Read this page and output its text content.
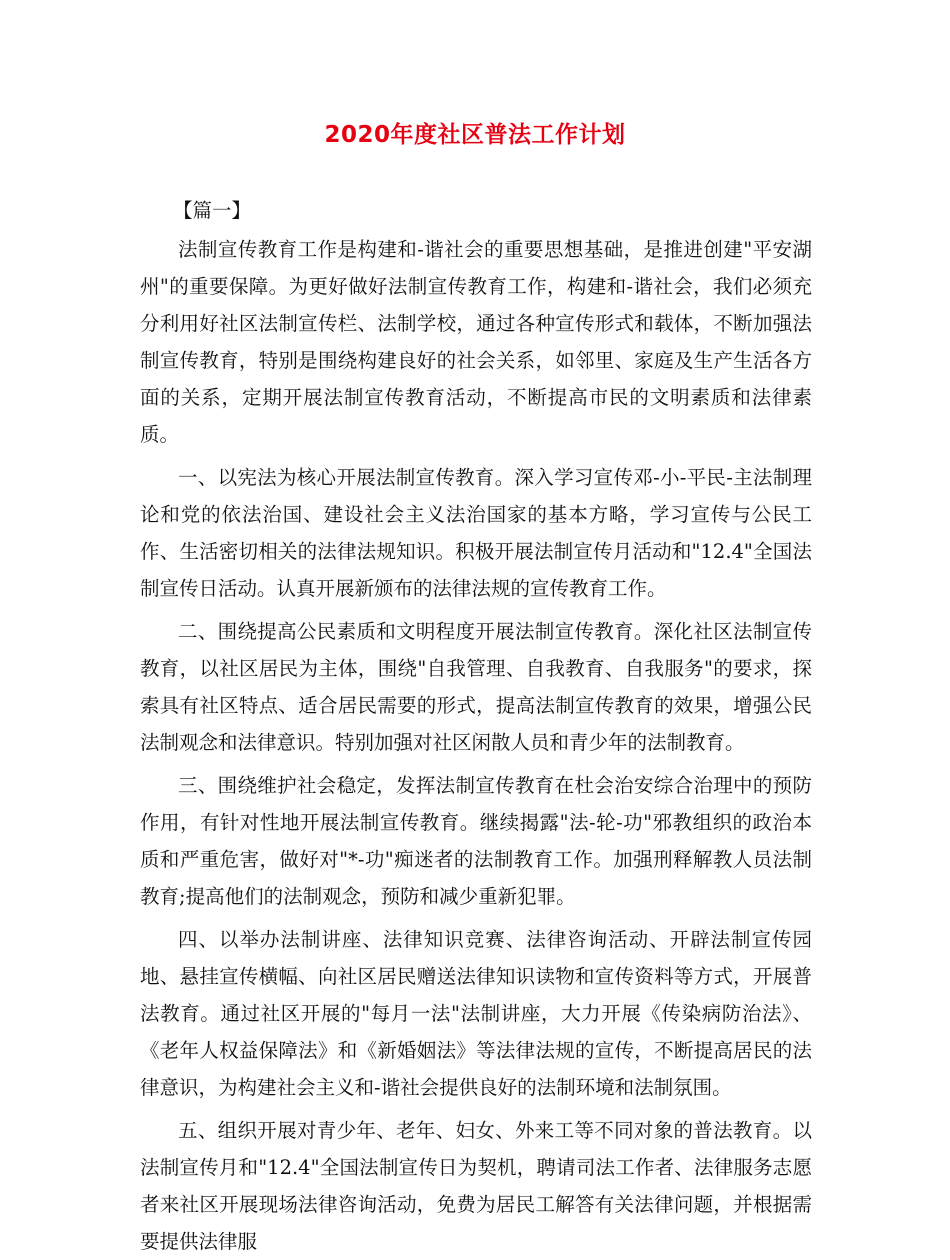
2020年度社区普法工作计划

【篇一】

法制宣传教育工作是构建和-谐社会的重要思想基础，是推进创建"平安湖州"的重要保障。为更好做好法制宣传教育工作，构建和-谐社会，我们必须充分利用好社区法制宣传栏、法制学校，通过各种宣传形式和载体，不断加强法制宣传教育，特别是围绕构建良好的社会关系，如邻里、家庭及生产生活各方面的关系，定期开展法制宣传教育活动，不断提高市民的文明素质和法律素质。

一、以宪法为核心开展法制宣传教育。深入学习宣传邓-小-平民-主法制理论和党的依法治国、建设社会主义法治国家的基本方略，学习宣传与公民工作、生活密切相关的法律法规知识。积极开展法制宣传月活动和"12.4"全国法制宣传日活动。认真开展新颁布的法律法规的宣传教育工作。

二、围绕提高公民素质和文明程度开展法制宣传教育。深化社区法制宣传教育，以社区居民为主体，围绕"自我管理、自我教育、自我服务"的要求，探索具有社区特点、适合居民需要的形式，提高法制宣传教育的效果，增强公民法制观念和法律意识。特别加强对社区闲散人员和青少年的法制教育。

三、围绕维护社会稳定，发挥法制宣传教育在杜会治安综合治理中的预防作用，有针对性地开展法制宣传教育。继续揭露"法-轮-功"邪教组织的政治本质和严重危害，做好对"*-功"痴迷者的法制教育工作。加强刑释解教人员法制教育;提高他们的法制观念，预防和减少重新犯罪。

四、以举办法制讲座、法律知识竞赛、法律咨询活动、开辟法制宣传园地、悬挂宣传横幅、向社区居民赠送法律知识读物和宣传资料等方式，开展普法教育。通过社区开展的"每月一法"法制讲座，大力开展《传染病防治法》、《老年人权益保障法》和《新婚姻法》等法律法规的宣传，不断提高居民的法律意识，为构建社会主义和-谐社会提供良好的法制环境和法制氛围。

五、组织开展对青少年、老年、妇女、外来工等不同对象的普法教育。以法制宣传月和"12.4"全国法制宣传日为契机，聘请司法工作者、法律服务志愿者来社区开展现场法律咨询活动，免费为居民工解答有关法律问题，并根据需要提供法律服
